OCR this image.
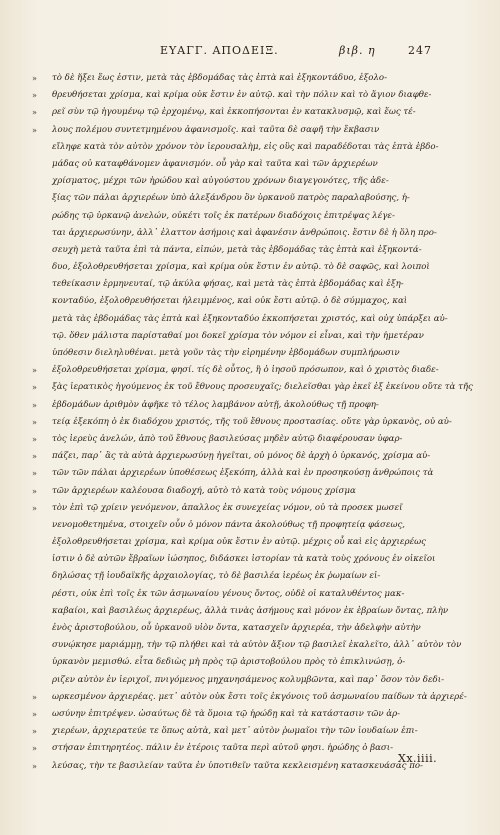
ΕΥΑΓΓ. ΑΠΟΔΕΙΞ.	βιβ. η	247
»	τὸ δὲ ἥξει ἕως ἐστιν, μετὰ τὰς ἑβδομάδας τὰς ἑπτὰ καὶ ἑξηκοντάδυο, ἐξολο-
»	θρευθήσεται χρίσμα, καὶ κρίμα οὐκ ἔστιν ἐν αὐτῷ. καὶ τὴν πόλιν καὶ τὸ ἅγιον διαφθε-
»	ρεῖ σὺν τῷ ἡγουμένῳ τῷ ἐρχομένῳ, καὶ ἐκκοπήσονται ἐν κατακλυσμῷ, καὶ ἕως τέ-
»	λους πολέμου συντετμημένου ἀφανισμοῖς. καὶ ταῦτα δὲ σαφῆ τὴν ἔκβασιν
εἴληφε κατὰ τὸν αὐτὸν χρόνον τὸν ἰερουσαλὴμ, εἰς οὓς καὶ παραδέδοται τὰς ἑπτὰ ἑβδο-
μάδας οὐ καταφθάνομεν ἀφανισμόν. οὗ γὰρ καὶ ταῦτα καὶ τῶν ἀρχιερέων
χρίσματος, μέχρι τῶν ἡρώδου καὶ αὐγούστου χρόνων διαγεγονότες, τῆς ἀδε-
ξίας τῶν πάλαι ἀρχιερέων ὑπὸ ἀλεξάνδρου ὃν ὑρκανοῦ πατρὸς παραλαβούσης, ἡ-
ρώδης τῷ ὑρκανῷ ἀνελών, οὐκέτι τοῖς ἐκ πατέρων διαδόχοις ἐπιτρέψας λέγε-
ται ἀρχιερωσύνην, ἀλλ᾽ ἐλαττον ἀσήμοις καὶ ἀφανέσιν ἀνθρώποις. ἔστιν δὲ ἡ ὅλη προ-
σευχὴ μετὰ ταῦτα ἐπὶ τὰ πάντα, εἰπών, μετὰ τὰς ἑβδομάδας τὰς ἑπτὰ καὶ ἑξηκοντά-
δυο, ἐξολοθρευθήσεται χρίσμα, καὶ κρίμα οὐκ ἔστιν ἐν αὐτῷ. τὸ δὲ σαφῶς, καὶ λοιποὶ
τεθείκασιν ἑρμηνευταί, τῷ ἀκύλα φήσας, καὶ μετὰ τὰς ἑπτὰ ἑβδομάδας καὶ ἑξη-
κονταδύο, ἐξολοθρευθήσεται ἠλειμμένος, καὶ οὐκ ἔστι αὐτῷ. ὁ δὲ σύμμαχος, καὶ
μετὰ τὰς ἑβδομάδας τὰς ἑπτὰ καὶ ἑξηκονταδύο ἐκκοπήσεται χριστός, καὶ οὐχ ὑπάρξει αὐ-
τῷ. ὅθεν μάλιστα παρίσταθαί μοι δοκεῖ χρίσμα τὸν νόμον εἰ εἶναι, καὶ τὴν ἡμετέραν
ὑπόθεσιν διεληλυθέναι. μετὰ γοῦν τὰς τὴν εἰρημένην ἑβδομάδων συμπλήρωσιν
»	ἐξολοθρευθήσεται χρίσμα, φησί. τίς δὲ οὗτος, ἢ ὁ ἰησοῦ πρόσωπον, καὶ ὁ χριστὸς διαδε-
»	ξὰς ἱερατικὸς ἡγούμενος ἐκ τοῦ ἔθνους προσευχαῖς; διελεῖσθαι γὰρ ἐκεῖ ἐξ ἐκείνου οὔτε τὰ τῆς
»	ἑβδομάδων ἀριθμὸν ἀφῆκε τὸ τέλος λαμβάνον αὐτῇ, ἀκολούθως τῇ προφη-
»	τείᾳ ἐξεκόπη ὁ ἐκ διαδόχου χριστός, τῆς τοῦ ἔθνους προστασίας. οὔτε γὰρ ὑρκανὸς, οὐ αὐ-
»	τὸς ἱερεὺς ἀνελών, ἀπὸ τοῦ ἔθνους βασιλεύσας μηδὲν αὐτῷ διαφέρουσαν ὑφαρ-
»	πάζει, παρ᾽ ἃς τὰ αὐτὰ ἀρχιερωσύνῃ ἡγεῖται, οὐ μόνος δὲ ἀρχὴ ὁ ὑρκανός, χρίσμα αὐ-
»	τῶν τῶν πάλαι ἀρχιερέων ὑποθέσεως ἐξεκόπη, ἀλλὰ καὶ ἐν προσηκούσῃ ἀνθρώποις τὰ
»	τῶν ἀρχιερέων καλέουσα διαδοχή, αὐτὸ τὸ κατὰ τοὺς νόμους χρίσμα
»	τὸν ἐπὶ τῷ χρίειν γενόμενον, ἀπαλλος ἐκ συνεχείας νόμον, οὐ τὰ προσεκ μωσεῖ
νενομοθετημένα, στοιχεῖν οὖν ὁ μόνον πάντα ἀκολούθως τῇ προφητείᾳ φάσεως,
ἐξολοθρευθήσεται χρίσμα, καὶ κρίμα οὐκ ἔστιν ἐν αὐτῷ. μέχρις οὗ καὶ εἰς ἀρχιερέως
ἰστιν ὁ δὲ αὐτῶν ἔβραϊων ἰώσηπος, διδάσκει ἱστορίαν τὰ κατὰ τοὺς χρόνους ἐν οἰκεῖοι
δηλώσας τῇ ἰουδαϊκῆς ἀρχαιολογίας, τὸ δὲ βασιλέα ἱερέως ἐκ ῥωμαίων εἰ-
ρέστι, οὐκ ἐπὶ τοῖς ἐκ τῶν ἀσμωναίου γένους ὄντος, οὐδὲ οἱ καταλυθέντος μακ-
καβαίοι, καὶ βασιλέως ἀρχιερέως, ἀλλὰ τινὰς ἀσήμους καὶ μόνον ἐκ ἑβραίων ὄντας, πλὴν
ἐνὸς ἀριστοβούλου, οὗ ὑρκανοῦ υἱὸν ὄντα, κατασχεῖν ἀρχιερέα, τὴν ἀδελφὴν αὐτὴν
συνῴκησε μαριάμμῃ, τὴν τῷ πλήθει καὶ τὰ αὐτὸν ἄξιον τῷ βασιλεῖ ἐκαλεῖτο, ἀλλ᾽ αὐτὸν τὸν
ὑρκανὸν μεμισθώ. εἶτα δεδιὼς μὴ πρὸς τῷ ἀριστοβούλου πρὸς τὸ ἐπικλινώσῃ, ὁ-
ριζεν αὐτὸν ἐν ἱεριχοῖ, πνιγόμενος μηχανησάμενος κολυμβῶντα, καὶ παρ᾽ ὅσον τὸν δεδι-
»	ωρκεσμένον ἀρχιερέας. μετ᾽ αὐτὸν οὐκ ἔστι τοῖς ἐκγόνοις τοῦ ἀσμωναίου παίδων τὰ ἀρχιερέ-
»	ωσύνην ἐπιτρέψεν. ὡσαύτως δὲ τὰ ὅμοια τῷ ἡρώδῃ καὶ τὰ κατάστασιν τῶν ἀρ-
»	χιερέων, ἀρχιερατεύε τε ὅπως αὐτὰ, καὶ μετ᾽ αὐτὸν ῥωμαῖοι τὴν τῶν ἰουδαίων ἐπι-
»	στήσαν ἐπιτηρητέος. πάλιν ἐν ἑτέροις ταῦτα περὶ αὐτοῦ φησι. ἡρώδης ὁ βασι-
»	λεύσας, τὴν τε βασιλείαν ταῦτα ἐν ὑποτιθεῖν ταῦτα κεκλεισμένη κατασκευάσας πο-
Xx.iiii.
